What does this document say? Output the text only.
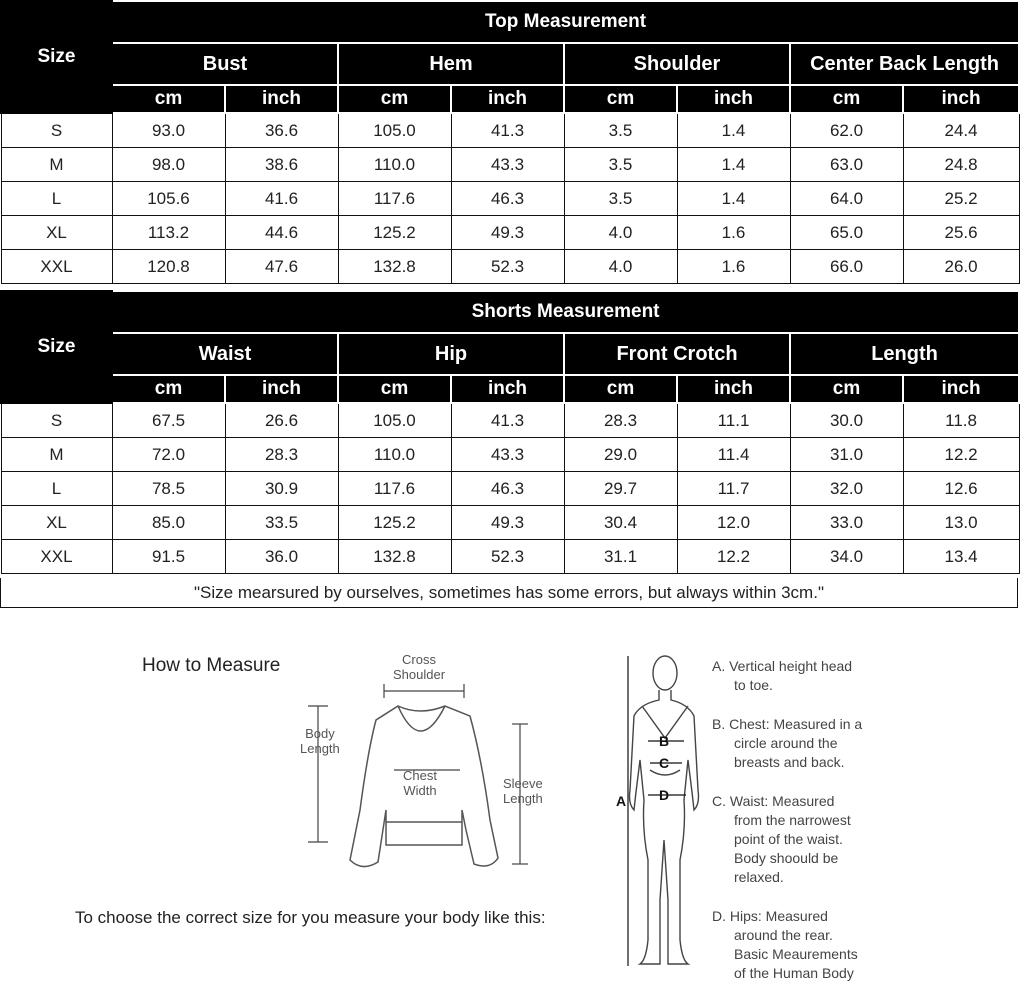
Size	Top Measurement							
	Bust		Hem		Shoulder		Center Back Length	
	cm	inch	cm	inch	cm	inch	cm	inch
S	93.0	36.6	105.0	41.3	3.5	1.4	62.0	24.4
M	98.0	38.6	110.0	43.3	3.5	1.4	63.0	24.8
L	105.6	41.6	117.6	46.3	3.5	1.4	64.0	25.2
XL	113.2	44.6	125.2	49.3	4.0	1.6	65.0	25.6
XXL	120.8	47.6	132.8	52.3	4.0	1.6	66.0	26.0
Size	Shorts Measurement							
	Waist		Hip		Front Crotch		Length	
	cm	inch	cm	inch	cm	inch	cm	inch
S	67.5	26.6	105.0	41.3	28.3	11.1	30.0	11.8
M	72.0	28.3	110.0	43.3	29.0	11.4	31.0	12.2
L	78.5	30.9	117.6	46.3	29.7	11.7	32.0	12.6
XL	85.0	33.5	125.2	49.3	30.4	12.0	33.0	13.0
XXL	91.5	36.0	132.8	52.3	31.1	12.2	34.0	13.4
"Size mearsured by ourselves, sometimes has some errors, but always within 3cm."
How to Measure	Cross
Shoulder
Body
Length
Chest
Width	Sleeve
Length	A
B
C
D
To choose the correct size for you measure your body like this:
A. Vertical height head

to toe.
B. Chest: Measured in a
circle around the
breasts and back.
C. Waist: Measured
from the narrowest
point of the waist.
Body shoould be
relaxed.
D. Hips: Measured
around the rear.
Basic Meaurements
of the Human Body
